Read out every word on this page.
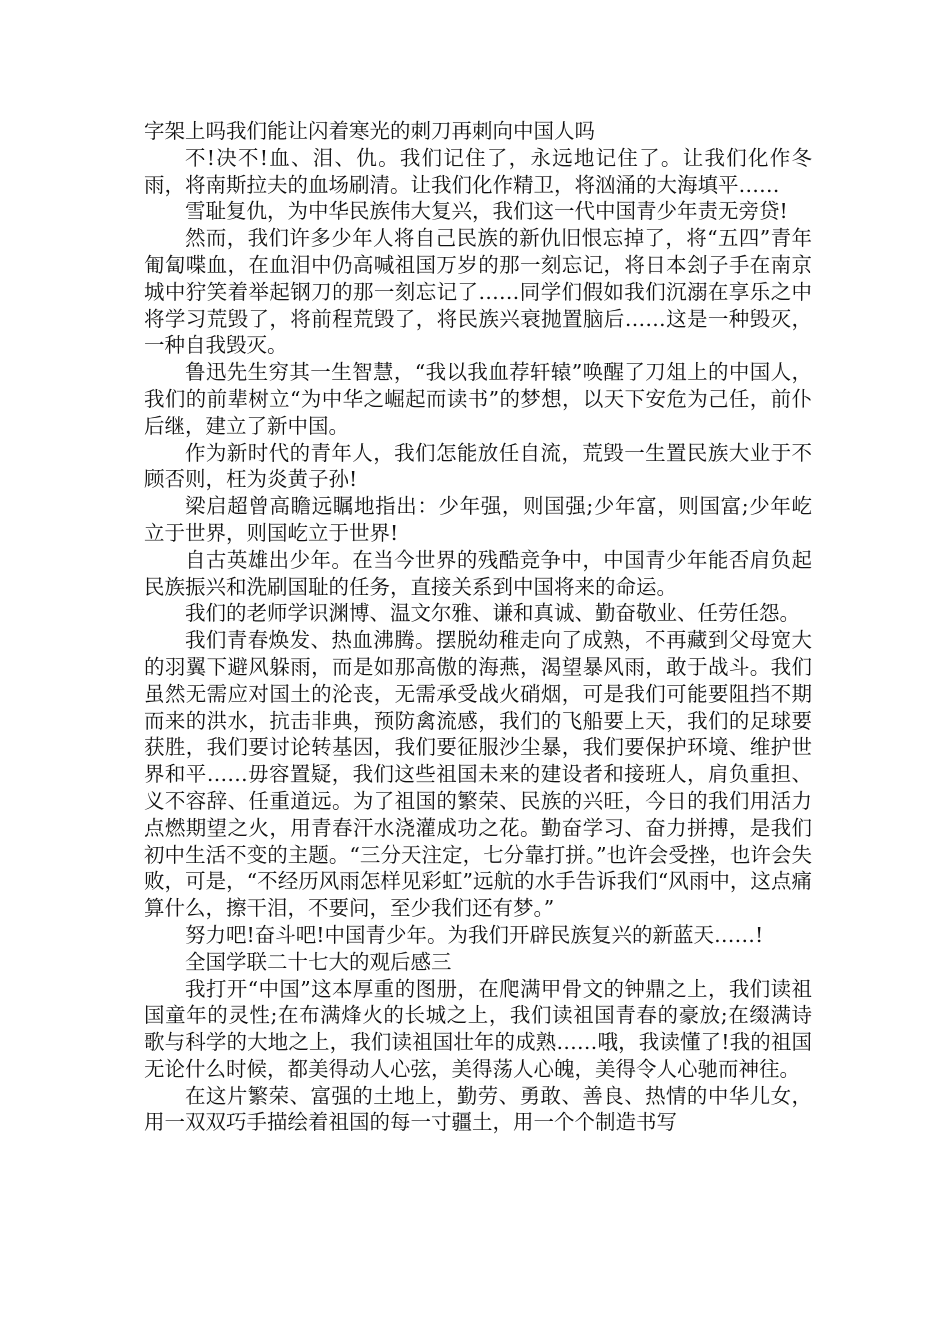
字架上吗我们能让闪着寒光的刺刀再刺向中国人吗

不!决不!血、泪、仇。我们记住了，永远地记住了。让我们化作冬雨，将南斯拉夫的血场刷清。让我们化作精卫，将汹涌的大海填平……

雪耻复仇，为中华民族伟大复兴，我们这一代中国青少年责无旁贷!

然而，我们许多少年人将自己民族的新仇旧恨忘掉了，将“五四”青年匍匐喋血，在血泪中仍高喊祖国万岁的那一刻忘记，将日本刽子手在南京城中狞笑着举起钢刀的那一刻忘记了……同学们假如我们沉溺在享乐之中将学习荒毁了，将前程荒毁了，将民族兴衰抛置脑后……这是一种毁灭，一种自我毁灭。

鲁迅先生穷其一生智慧，“我以我血荐轩辕”唤醒了刀俎上的中国人，我们的前辈树立“为中华之崛起而读书”的梦想，以天下安危为己任，前仆后继，建立了新中国。

作为新时代的青年人，我们怎能放任自流，荒毁一生置民族大业于不顾否则，枉为炎黄子孙!

梁启超曾高瞻远瞩地指出：少年强，则国强;少年富，则国富;少年屹立于世界，则国屹立于世界!

自古英雄出少年。在当今世界的残酷竞争中，中国青少年能否肩负起民族振兴和洗刷国耻的任务，直接关系到中国将来的命运。

我们的老师学识渊博、温文尔雅、谦和真诚、勤奋敬业、任劳任怨。

我们青春焕发、热血沸腾。摆脱幼稚走向了成熟，不再藏到父母宽大的羽翼下避风躲雨，而是如那高傲的海燕，渴望暴风雨，敢于战斗。我们虽然无需应对国土的沦丧，无需承受战火硝烟，可是我们可能要阻挡不期而来的洪水，抗击非典，预防禽流感，我们的飞船要上天，我们的足球要获胜，我们要讨论转基因，我们要征服沙尘暴，我们要保护环境、维护世界和平……毋容置疑，我们这些祖国未来的建设者和接班人，肩负重担、义不容辞、任重道远。为了祖国的繁荣、民族的兴旺，今日的我们用活力点燃期望之火，用青春汗水浇灌成功之花。勤奋学习、奋力拼搏，是我们初中生活不变的主题。“三分天注定，七分靠打拼。”也许会受挫，也许会失败，可是，“不经历风雨怎样见彩虹”远航的水手告诉我们“风雨中，这点痛算什么，擦干泪，不要问，至少我们还有梦。”

努力吧!奋斗吧!中国青少年。为我们开辟民族复兴的新蓝天……!

全国学联二十七大的观后感三

我打开“中国”这本厚重的图册，在爬满甲骨文的钟鼎之上，我们读祖国童年的灵性;在布满烽火的长城之上，我们读祖国青春的豪放;在缀满诗歌与科学的大地之上，我们读祖国壮年的成熟……哦，我读懂了!我的祖国无论什么时候，都美得动人心弦，美得荡人心魄，美得令人心驰而神往。

在这片繁荣、富强的土地上，勤劳、勇敢、善良、热情的中华儿女，用一双双巧手描绘着祖国的每一寸疆土，用一个个制造书写
